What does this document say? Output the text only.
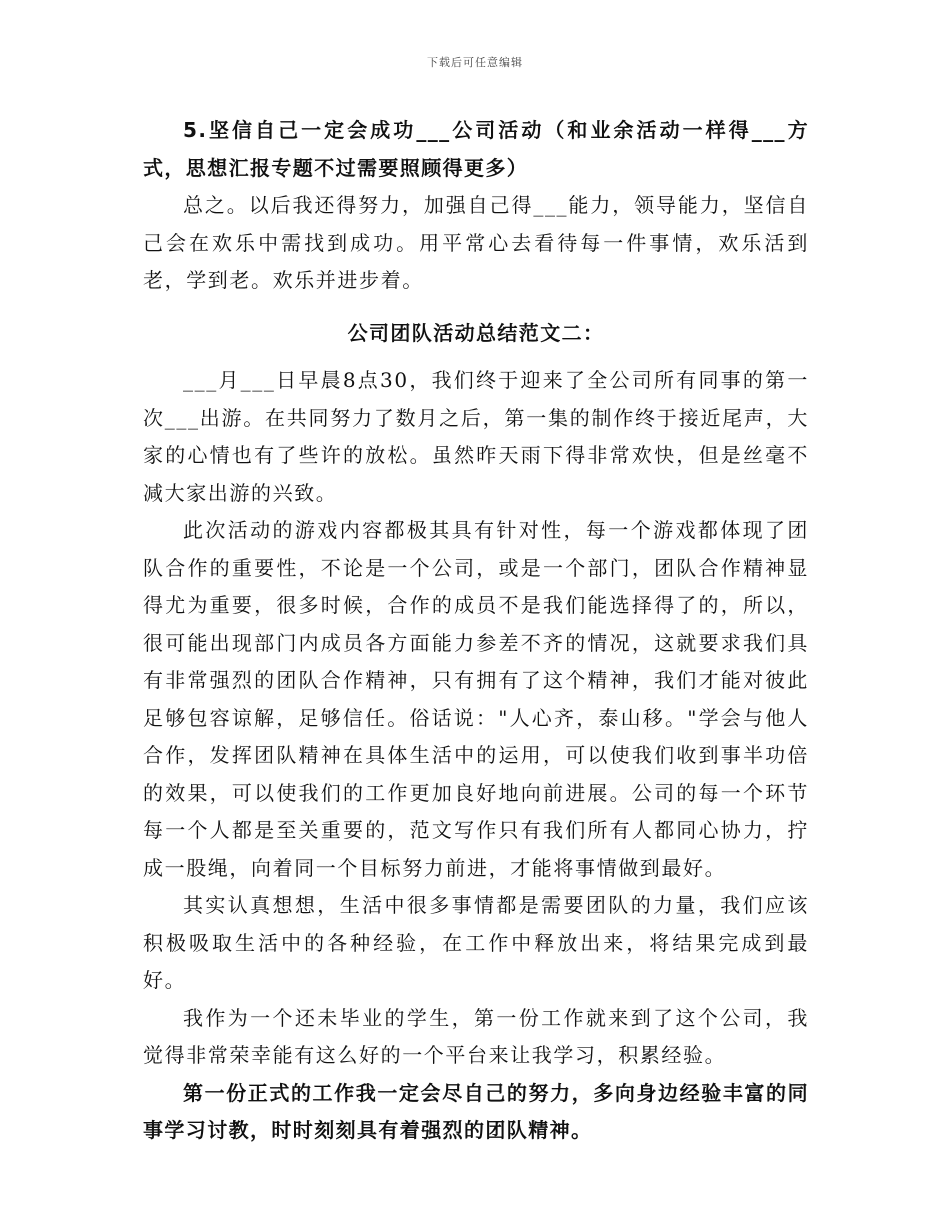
下载后可任意编辑

5.坚信自己一定会成功___公司活动（和业余活动一样得___方式，思想汇报专题不过需要照顾得更多）

总之。以后我还得努力，加强自己得___能力，领导能力，坚信自己会在欢乐中需找到成功。用平常心去看待每一件事情，欢乐活到老，学到老。欢乐并进步着。

公司团队活动总结范文二：

___月___日早晨8点30，我们终于迎来了全公司所有同事的第一次___出游。在共同努力了数月之后，第一集的制作终于接近尾声，大家的心情也有了些许的放松。虽然昨天雨下得非常欢快，但是丝毫不减大家出游的兴致。

此次活动的游戏内容都极其具有针对性，每一个游戏都体现了团队合作的重要性，不论是一个公司，或是一个部门，团队合作精神显得尤为重要，很多时候，合作的成员不是我们能选择得了的，所以，很可能出现部门内成员各方面能力参差不齐的情况，这就要求我们具有非常强烈的团队合作精神，只有拥有了这个精神，我们才能对彼此足够包容谅解，足够信任。俗话说："人心齐，泰山移。"学会与他人合作，发挥团队精神在具体生活中的运用，可以使我们收到事半功倍的效果，可以使我们的工作更加良好地向前进展。公司的每一个环节每一个人都是至关重要的，范文写作只有我们所有人都同心协力，拧成一股绳，向着同一个目标努力前进，才能将事情做到最好。

其实认真想想，生活中很多事情都是需要团队的力量，我们应该积极吸取生活中的各种经验，在工作中释放出来，将结果完成到最好。

我作为一个还未毕业的学生，第一份工作就来到了这个公司，我觉得非常荣幸能有这么好的一个平台来让我学习，积累经验。

第一份正式的工作我一定会尽自己的努力，多向身边经验丰富的同事学习讨教，时时刻刻具有着强烈的团队精神。
